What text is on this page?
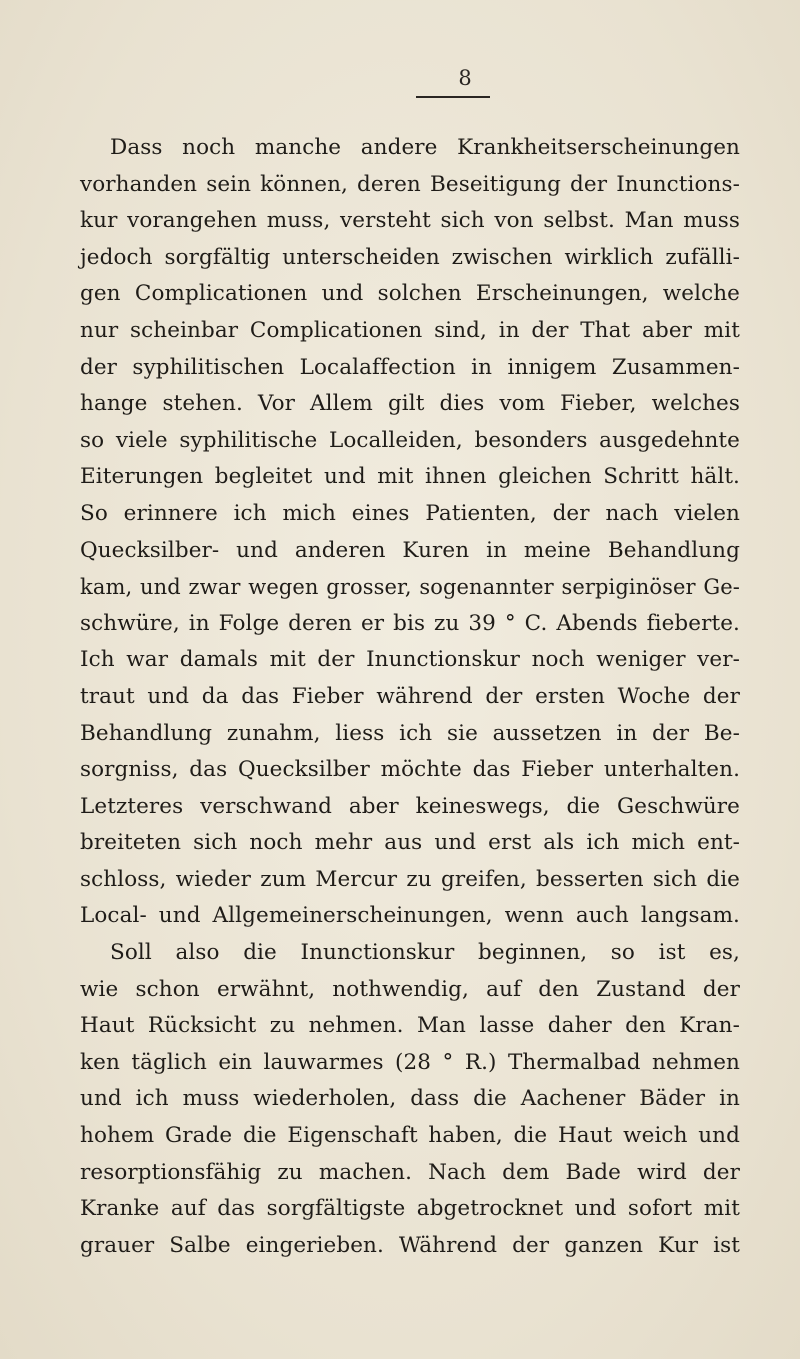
8
Dass noch manche andere Krankheitserscheinungen
vorhanden sein können, deren Beseitigung der Inunctions-
kur vorangehen muss, versteht sich von selbst. Man muss
jedoch sorgfältig unterscheiden zwischen wirklich zufälli-
gen Complicationen und solchen Erscheinungen, welche
nur scheinbar Complicationen sind, in der That aber mit
der syphilitischen Localaffection in innigem Zusammen-
hange stehen. Vor Allem gilt dies vom Fieber, welches
so viele syphilitische Localleiden, besonders ausgedehnte
Eiterungen begleitet und mit ihnen gleichen Schritt hält.
So erinnere ich mich eines Patienten, der nach vielen
Quecksilber- und anderen Kuren in meine Behandlung
kam, und zwar wegen grosser, sogenannter serpiginöser Ge-
schwüre, in Folge deren er bis zu 39 ° C. Abends fieberte.
Ich war damals mit der Inunctionskur noch weniger ver-
traut und da das Fieber während der ersten Woche der
Behandlung zunahm, liess ich sie aussetzen in der Be-
sorgniss, das Quecksilber möchte das Fieber unterhalten.
Letzteres verschwand aber keineswegs, die Geschwüre
breiteten sich noch mehr aus und erst als ich mich ent-
schloss, wieder zum Mercur zu greifen, besserten sich die
Local- und Allgemeinerscheinungen, wenn auch langsam.
Soll also die Inunctionskur beginnen, so ist es,
wie schon erwähnt, nothwendig, auf den Zustand der
Haut Rücksicht zu nehmen. Man lasse daher den Kran-
ken täglich ein lauwarmes (28 ° R.) Thermalbad nehmen
und ich muss wiederholen, dass die Aachener Bäder in
hohem Grade die Eigenschaft haben, die Haut weich und
resorptionsfähig zu machen. Nach dem Bade wird der
Kranke auf das sorgfältigste abgetrocknet und sofort mit
grauer Salbe eingerieben. Während der ganzen Kur ist
